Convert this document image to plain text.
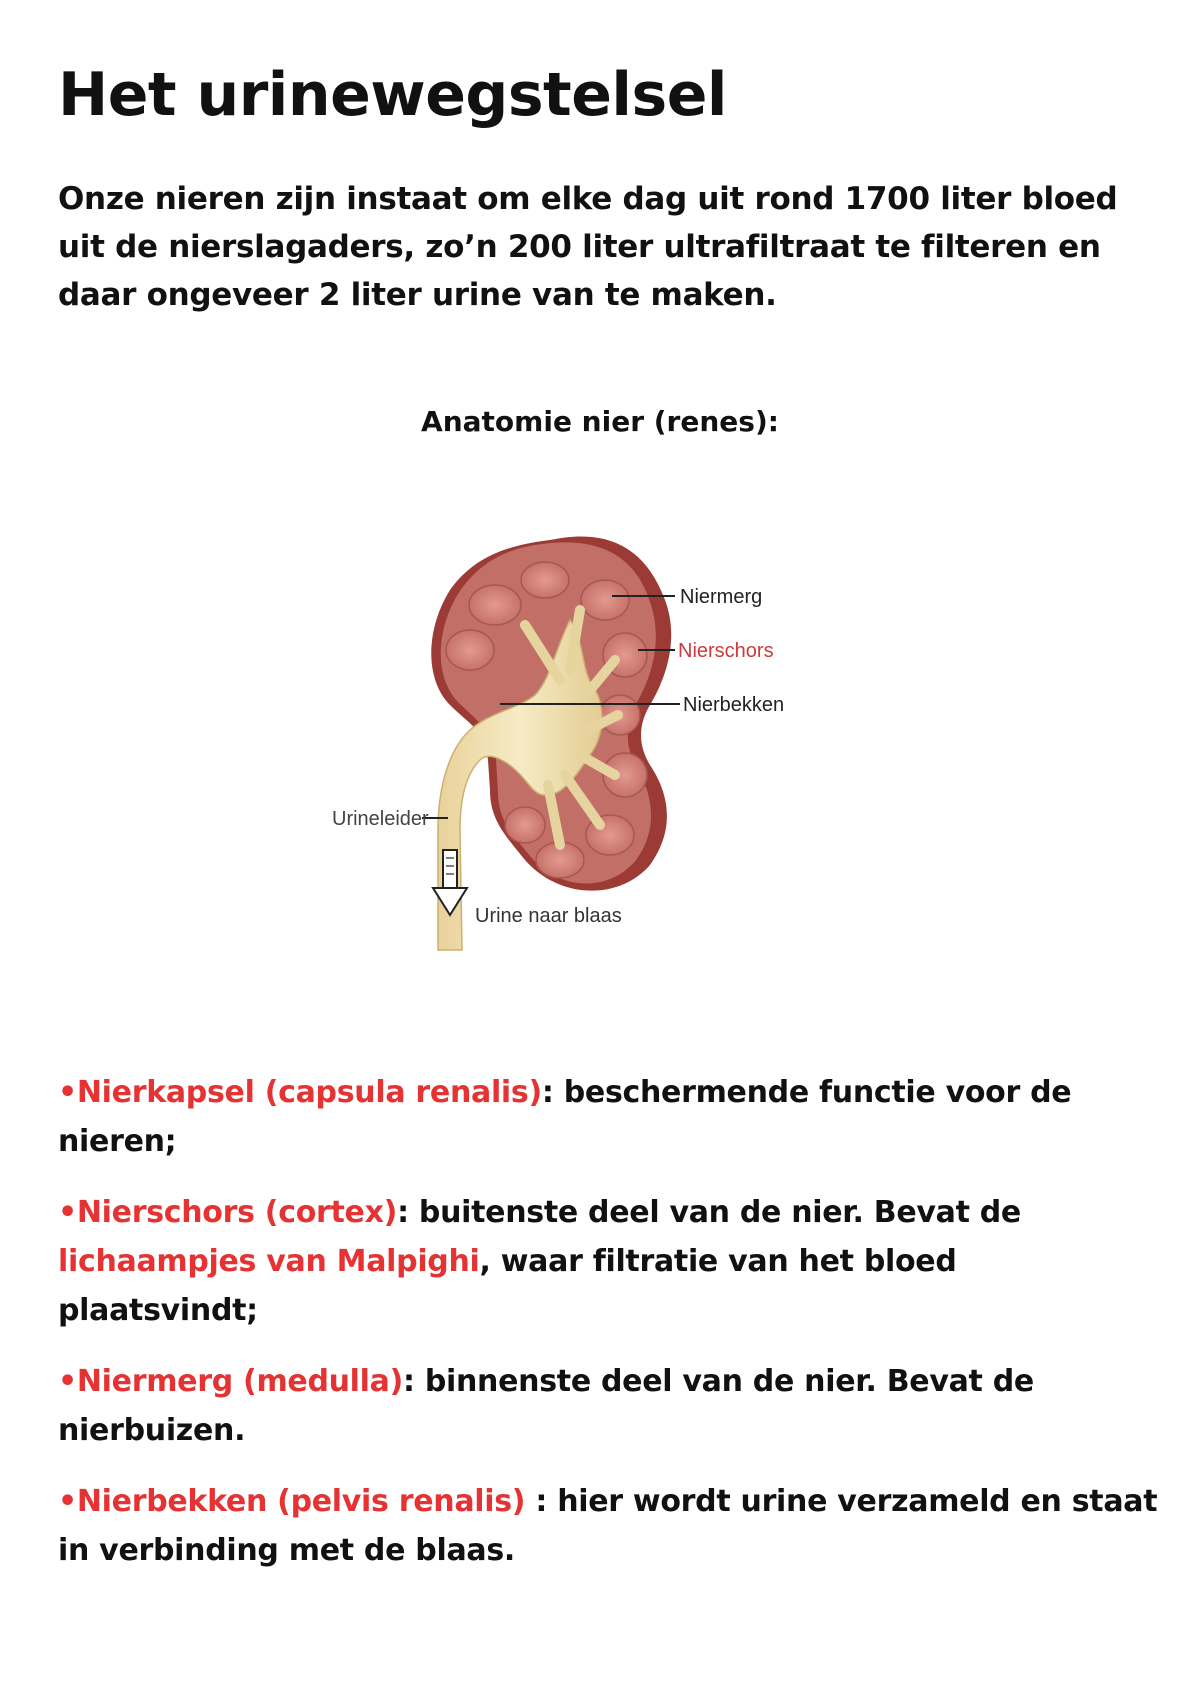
Het urinewegstelsel

Onze nieren zijn instaat om elke dag uit rond 1700 liter bloed uit de nierslagaders, zo’n 200 liter ultrafiltraat te filteren en daar ongeveer 2 liter urine van te maken.

Anatomie nier (renes):

Niermerg
Nierschors
Nierbekken
Urineleider
Urine naar blaas
•Nierkapsel (capsula renalis): beschermende functie voor de nieren;
•Nierschors (cortex): buitenste deel van de nier. Bevat de lichaampjes van Malpighi, waar filtratie van het bloed plaatsvindt;
•Niermerg (medulla): binnenste deel van de nier. Bevat de nierbuizen.
•Nierbekken (pelvis renalis) : hier wordt urine verzameld en staat in verbinding met de blaas.
